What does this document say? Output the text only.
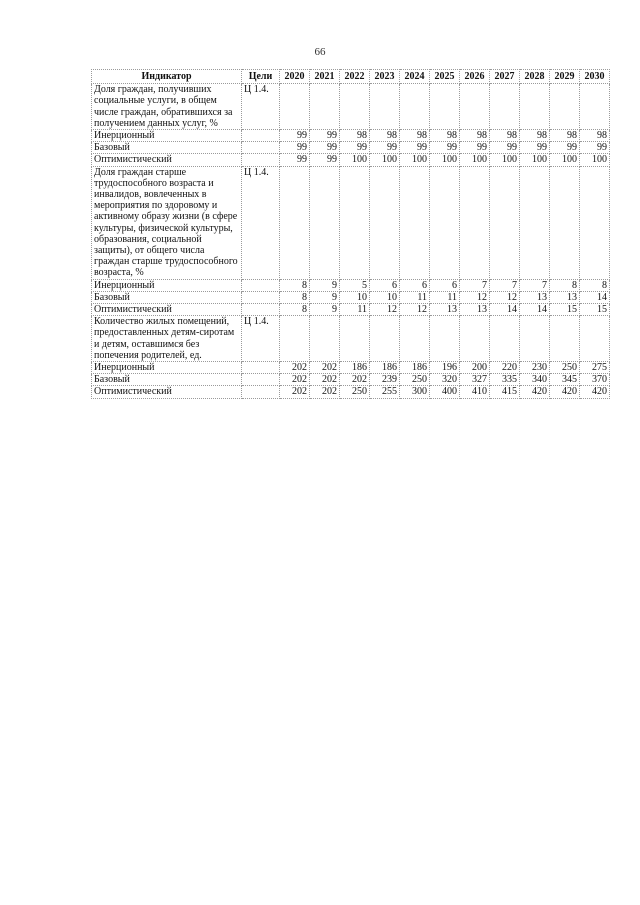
66
Индикатор	Цели	2020	2021	2022	2023	2024	2025	2026	2027	2028	2029	2030
Доля граждан, получивших социальные услуги, в общем числе граждан, обратившихся за получением данных услуг, %	Ц 1.4.											
Инерционный		99	99	98	98	98	98	98	98	98	98	98
Базовый		99	99	99	99	99	99	99	99	99	99	99
Оптимистический		99	99	100	100	100	100	100	100	100	100	100
Доля граждан старше трудоспособного возраста и инвалидов, вовлеченных в мероприятия по здоровому и активному образу жизни (в сфере культуры, физической культуры, образования, социальной защиты), от общего числа граждан старше трудоспособного возраста, %	Ц 1.4.											
Инерционный		8	9	5	6	6	6	7	7	7	8	8
Базовый		8	9	10	10	11	11	12	12	13	13	14
Оптимистический		8	9	11	12	12	13	13	14	14	15	15
Количество жилых помещений, предоставленных детям-сиротам и детям, оставшимся без попечения родителей, ед.	Ц 1.4.											
Инерционный		202	202	186	186	186	196	200	220	230	250	275
Базовый		202	202	202	239	250	320	327	335	340	345	370
Оптимистический		202	202	250	255	300	400	410	415	420	420	420
